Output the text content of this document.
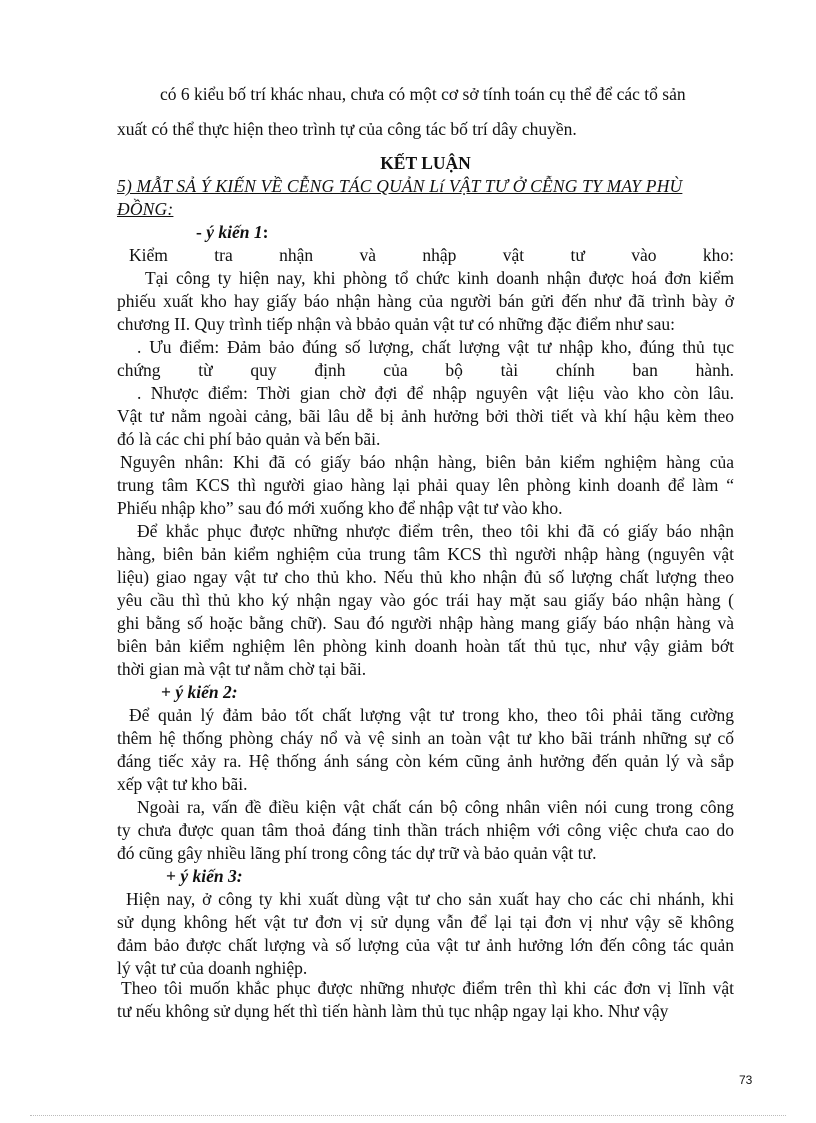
có 6 kiểu bố trí khác nhau, chưa có một cơ sở tính toán cụ thể để các tổ sản
xuất có thể thực hiện theo trình tự của công tác bố trí dây chuyền.
KẾT LUẬN
5) MẪT SẢ Ý KIẾN VỀ CỄNG TÁC QUẢN Lí VẬT TƯ Ở CỄNG TY MAY PHÙ
ĐỒNG:
- ý kiến 1:
Kiểm tra nhận và nhập vật tư vào kho:
Tại công ty hiện nay, khi phòng tổ chức kinh doanh nhận được hoá đơn kiểm
phiếu xuất kho hay giấy báo nhận hàng của người bán gửi đến như đã trình bày ở
chương II. Quy trình tiếp nhận và bbảo quản vật tư có những đặc điểm như sau:
. Ưu điểm: Đảm bảo đúng số lượng, chất lượng vật tư nhập kho, đúng thủ tục
chứng từ quy định của bộ tài chính ban hành.
. Nhược điểm: Thời gian chờ đợi để nhập nguyên vật liệu vào kho còn lâu.
Vật tư nằm ngoài cảng, bãi lâu dễ bị ảnh hưởng bởi thời tiết và khí hậu kèm theo
đó là các chi phí bảo quản và bến bãi.
Nguyên nhân: Khi đã có giấy báo nhận hàng, biên bản kiểm nghiệm hàng của
trung tâm KCS thì người giao hàng lại phải quay lên phòng kinh doanh để làm “
Phiếu nhập kho” sau đó mới xuống kho để nhập vật tư vào kho.
Để khắc phục được những nhược điểm trên, theo tôi khi đã có giấy báo nhận
hàng, biên bản kiểm nghiệm của trung tâm KCS thì người nhập hàng (nguyên vật
liệu) giao ngay vật tư cho thủ kho. Nếu thủ kho nhận đủ số lượng chất lượng theo
yêu cầu thì thủ kho ký nhận ngay vào góc trái hay mặt sau giấy báo nhận hàng (
ghi bằng số hoặc bằng chữ). Sau đó người nhập hàng mang giấy báo nhận hàng và
biên bản kiểm nghiệm lên phòng kinh doanh hoàn tất thủ tục, như vậy giảm bớt
thời gian mà vật tư nằm chờ tại bãi.
+ ý kiến 2:
Để quản lý đảm bảo tốt chất lượng vật tư trong kho, theo tôi phải tăng cường
thêm hệ thống phòng cháy nổ và vệ sinh an toàn vật tư kho bãi tránh những sự cố
đáng tiếc xảy ra. Hệ thống ánh sáng còn kém cũng ảnh hưởng đến quản lý và sắp
xếp vật tư kho bãi.
Ngoài ra, vấn đề điều kiện vật chất cán bộ công nhân viên nói cung trong công
ty chưa được quan tâm thoả đáng tinh thần trách nhiệm với công việc chưa cao do
đó cũng gây nhiều lãng phí trong công tác dự trữ và bảo quản vật tư.
+ ý kiến 3:
Hiện nay, ở công ty khi xuất dùng vật tư cho sản xuất hay cho các chi nhánh, khi
sử dụng không hết vật tư đơn vị sử dụng vẫn để lại tại đơn vị như vậy sẽ không
đảm bảo được chất lượng và số lượng của vật tư ảnh hưởng lớn đến công tác quản
lý vật tư của doanh nghiệp.
Theo tôi muốn khắc phục được những nhược điểm trên thì khi các đơn vị lĩnh vật
tư nếu không sử dụng hết thì tiến hành làm thủ tục nhập ngay lại kho. Như vậy
73
